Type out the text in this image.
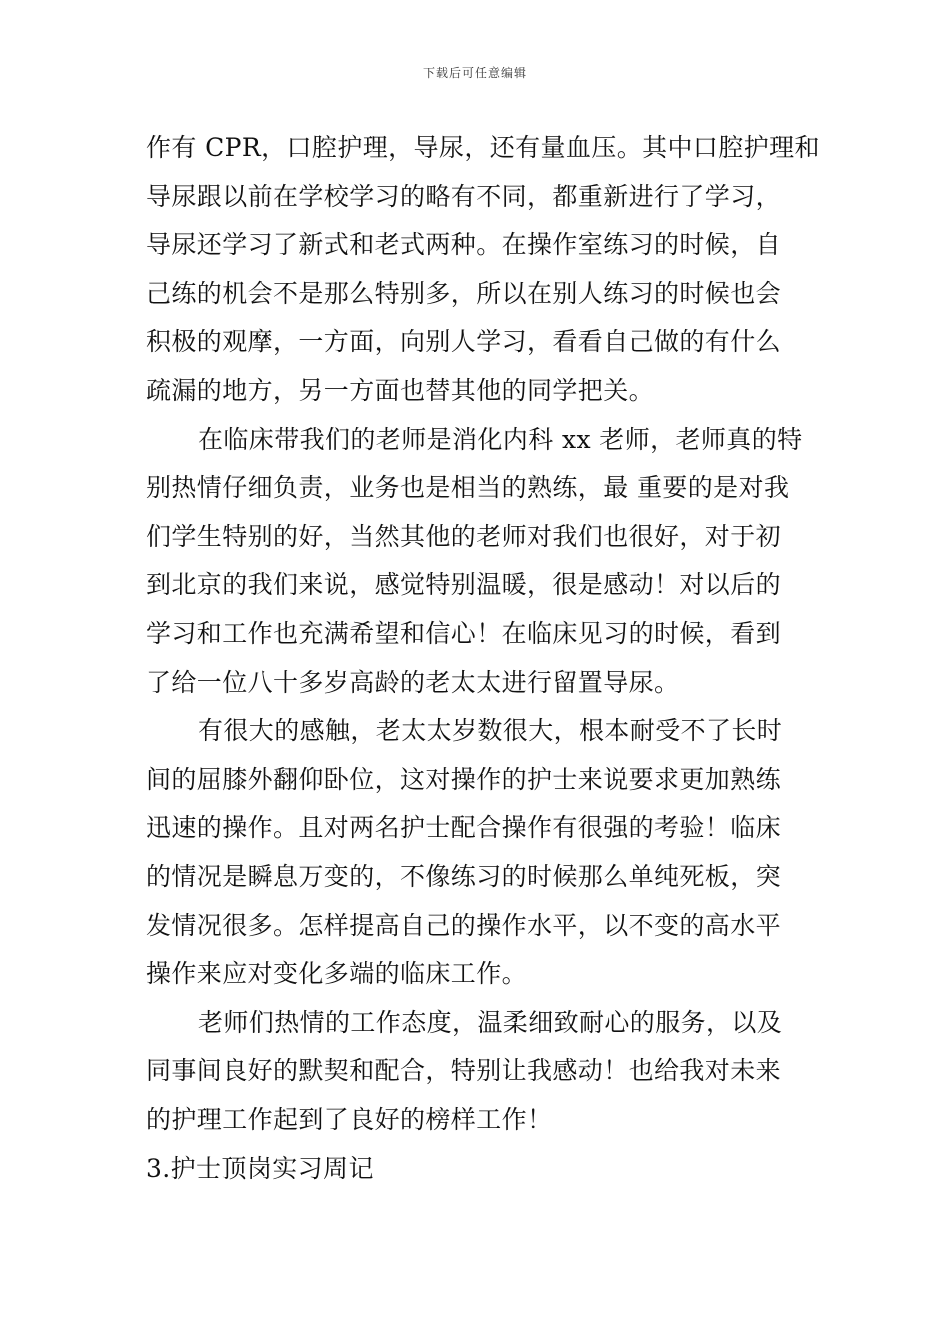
下载后可任意编辑
作有 CPR，口腔护理，导尿，还有量血压。其中口腔护理和
导尿跟以前在学校学习的略有不同，都重新进行了学习，
导尿还学习了新式和老式两种。在操作室练习的时候，自
己练的机会不是那么特别多，所以在别人练习的时候也会
积极的观摩，一方面，向别人学习，看看自己做的有什么
疏漏的地方，另一方面也替其他的同学把关。
在临床带我们的老师是消化内科 xx 老师，老师真的特
别热情仔细负责，业务也是相当的熟练，最 重要的是对我
们学生特别的好，当然其他的老师对我们也很好，对于初
到北京的我们来说，感觉特别温暖，很是感动！对以后的
学习和工作也充满希望和信心！在临床见习的时候，看到
了给一位八十多岁高龄的老太太进行留置导尿。
有很大的感触，老太太岁数很大，根本耐受不了长时
间的屈膝外翻仰卧位，这对操作的护士来说要求更加熟练
迅速的操作。且对两名护士配合操作有很强的考验！临床
的情况是瞬息万变的，不像练习的时候那么单纯死板，突
发情况很多。怎样提高自己的操作水平，以不变的高水平
操作来应对变化多端的临床工作。
老师们热情的工作态度，温柔细致耐心的服务，以及
同事间良好的默契和配合，特别让我感动！也给我对未来
的护理工作起到了良好的榜样工作！
3.护士顶岗实习周记
